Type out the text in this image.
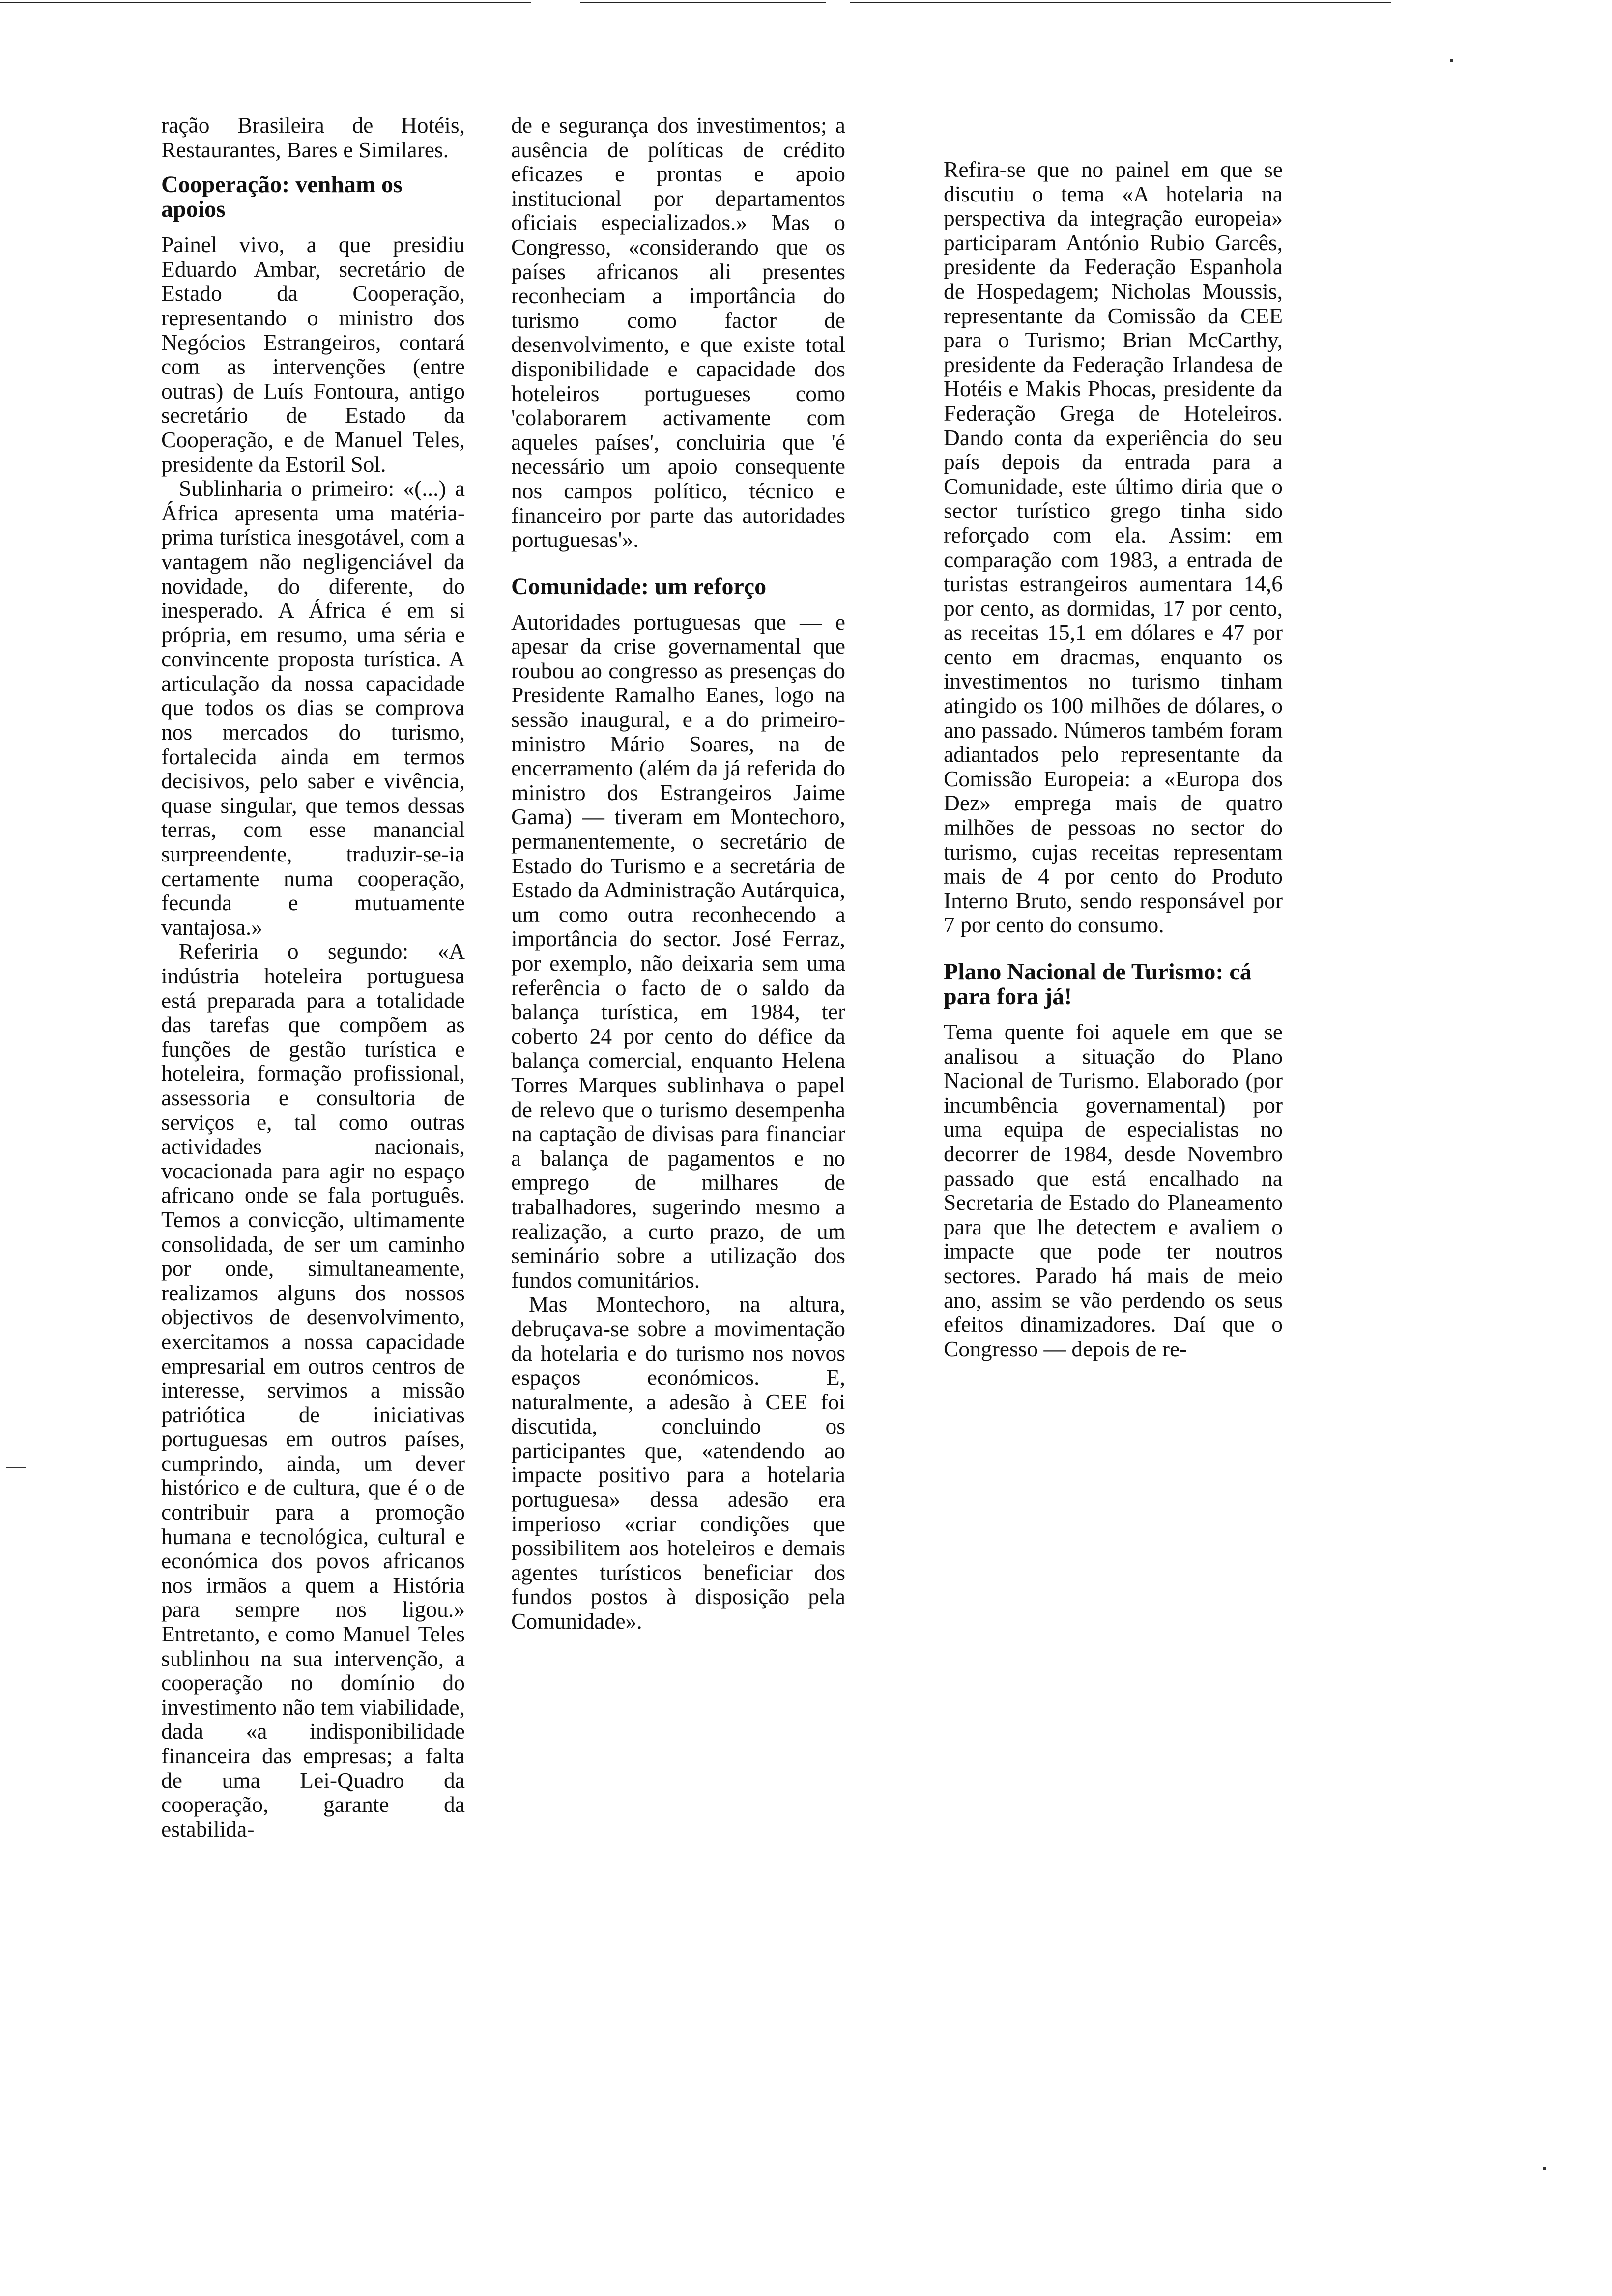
ração Brasileira de Hotéis, Restaurantes, Bares e Similares.

Cooperação: venham os apoios

Painel vivo, a que presidiu Eduardo Ambar, secretário de Estado da Cooperação, representando o ministro dos Negócios Estrangeiros, contará com as intervenções (entre outras) de Luís Fontoura, antigo secretário de Estado da Cooperação, e de Manuel Teles, presidente da Estoril Sol.

Sublinharia o primeiro: «(...) a África apresenta uma matéria-prima turística inesgotável, com a vantagem não negligenciável da novidade, do diferente, do inesperado. A África é em si própria, em resumo, uma séria e convincente proposta turística. A articulação da nossa capacidade que todos os dias se comprova nos mercados do turismo, fortalecida ainda em termos decisivos, pelo saber e vivência, quase singular, que temos dessas terras, com esse manancial surpreendente, traduzir-se-ia certamente numa cooperação, fecunda e mutuamente vantajosa.»

Referiria o segundo: «A indústria hoteleira portuguesa está preparada para a totalidade das tarefas que compõem as funções de gestão turística e hoteleira, formação profissional, assessoria e consultoria de serviços e, tal como outras actividades nacionais, vocacionada para agir no espaço africano onde se fala português. Temos a convicção, ultimamente consolidada, de ser um caminho por onde, simultaneamente, realizamos alguns dos nossos objectivos de desenvolvimento, exercitamos a nossa capacidade empresarial em outros centros de interesse, servimos a missão patriótica de iniciativas portuguesas em outros países, cumprindo, ainda, um dever histórico e de cultura, que é o de contribuir para a promoção humana e tecnológica, cultural e económica dos povos africanos nos irmãos a quem a História para sempre nos ligou.» Entretanto, e como Manuel Teles sublinhou na sua intervenção, a cooperação no domínio do investimento não tem viabilidade, dada «a indisponibilidade financeira das empresas; a falta de uma Lei-Quadro da cooperação, garante da estabilida-

de e segurança dos investimentos; a ausência de políticas de crédito eficazes e prontas e apoio institucional por departamentos oficiais especializados.» Mas o Congresso, «considerando que os países africanos ali presentes reconheciam a importância do turismo como factor de desenvolvimento, e que existe total disponibilidade e capacidade dos hoteleiros portugueses como 'colaborarem activamente com aqueles países', concluiria que 'é necessário um apoio consequente nos campos político, técnico e financeiro por parte das autoridades portuguesas'».

Comunidade: um reforço

Autoridades portuguesas que — e apesar da crise governamental que roubou ao congresso as presenças do Presidente Ramalho Eanes, logo na sessão inaugural, e a do primeiro-ministro Mário Soares, na de encerramento (além da já referida do ministro dos Estrangeiros Jaime Gama) — tiveram em Montechoro, permanentemente, o secretário de Estado do Turismo e a secretária de Estado da Administração Autárquica, um como outra reconhecendo a importância do sector. José Ferraz, por exemplo, não deixaria sem uma referência o facto de o saldo da balança turística, em 1984, ter coberto 24 por cento do défice da balança comercial, enquanto Helena Torres Marques sublinhava o papel de relevo que o turismo desempenha na captação de divisas para financiar a balança de pagamentos e no emprego de milhares de trabalhadores, sugerindo mesmo a realização, a curto prazo, de um seminário sobre a utilização dos fundos comunitários.

Mas Montechoro, na altura, debruçava-se sobre a movimentação da hotelaria e do turismo nos novos espaços económicos. E, naturalmente, a adesão à CEE foi discutida, concluindo os participantes que, «atendendo ao impacte positivo para a hotelaria portuguesa» dessa adesão era imperioso «criar condições que possibilitem aos hoteleiros e demais agentes turísticos beneficiar dos fundos postos à disposição pela Comunidade».

Refira-se que no painel em que se discutiu o tema «A hotelaria na perspectiva da integração europeia» participaram António Rubio Garcês, presidente da Federação Espanhola de Hospedagem; Nicholas Moussis, representante da Comissão da CEE para o Turismo; Brian McCarthy, presidente da Federação Irlandesa de Hotéis e Makis Phocas, presidente da Federação Grega de Hoteleiros. Dando conta da experiência do seu país depois da entrada para a Comunidade, este último diria que o sector turístico grego tinha sido reforçado com ela. Assim: em comparação com 1983, a entrada de turistas estrangeiros aumentara 14,6 por cento, as dormidas, 17 por cento, as receitas 15,1 em dólares e 47 por cento em dracmas, enquanto os investimentos no turismo tinham atingido os 100 milhões de dólares, o ano passado. Números também foram adiantados pelo representante da Comissão Europeia: a «Europa dos Dez» emprega mais de quatro milhões de pessoas no sector do turismo, cujas receitas representam mais de 4 por cento do Produto Interno Bruto, sendo responsável por 7 por cento do consumo.

Plano Nacional de Turismo: cá para fora já!

Tema quente foi aquele em que se analisou a situação do Plano Nacional de Turismo. Elaborado (por incumbência governamental) por uma equipa de especialistas no decorrer de 1984, desde Novembro passado que está encalhado na Secretaria de Estado do Planeamento para que lhe detectem e avaliem o impacte que pode ter noutros sectores. Parado há mais de meio ano, assim se vão perdendo os seus efeitos dinamizadores. Daí que o Congresso — depois de re-
